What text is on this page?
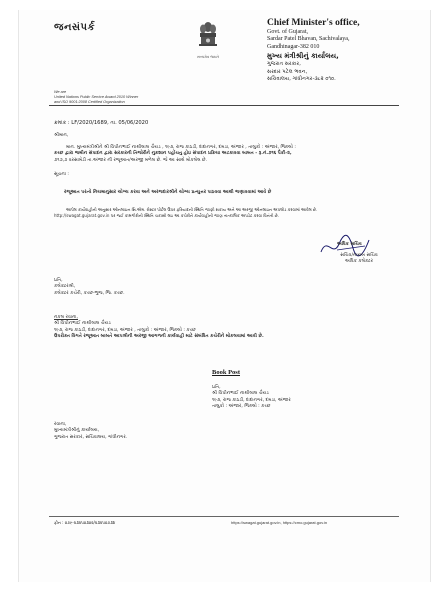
જનસંપર્ક
સત્યમેવ જયતે
We are
United Nations Public Service Award 2010 Winner
and ISO 9001:2008 Certified Organization
Chief Minister's office,
Govt. of Gujarat,
Sardar Patel Bhavan, Sachivalaya,
Gandhinagar-382 010
મુખ્ય મંત્રીશ્રીનું કાર્યાલય,
ગુજરાત સરકાર,
સરદાર પટેલ ભવન,
સચિવાલય, ગાંધીનગર-૩૮૨ ૦૧૦.
ક્રમાંક : LF/2020/1689, તા. 05/06/2020
શ્રીમાન,
માન. મુખ્યમંત્રીશ્રીને શ્રી વિપીનભાઈ નાથીલાલ ચૈયડ , ૧૯૩, રાજ કાઠડી, દાદાનગર, દમડા, અંજાર , તાલુકો : અંજાર, જિલ્લો :
કચ્છ દ્વારા જમીન સંપાદન દ્વારા સરકારની તિજોરીને નુકશાન પહોંચતુ હોઇ સંપાદન પ્રક્રિયા અટકાવવા બાબત - રૂ.નં.૭૧૬ પૈકી-૨,
૭૧૭,૭ વરસામેડી તા.અંજાર ની રજૂઆત/અરજી મળેલ છે. જે આ સાથે મોકલેલ છે.
સૂચના :
રજૂઆત પરત્વે નિયમાનુસાર યોગ્ય કરવા અને અરજદારશ્રીને યોગ્ય પ્રત્યુત્તર પાઠવવા આથી જણાવવામાં આવે છે
આપેલ કાર્યવાહીની અનુસાર ઓનલાઇન સિ.એમ. રોસ્ટર પોર્ટલ ઉપર ફરિયાદની સ્થિતિ જાણી શકાય અને આ અરજી ઓનલાઇન અપલોડ કરવામાં આવેલ છે.
http://swagat.gujarat.gov.in પર જઈ કામગીરીની સ્થિતિ ચકાસી લઇ આ કચેરીને કાર્યવાહીની જાણ તાત્કાલિક અપડેટ કરવા વિનંતી છે.
અધિક સચિવ
સચિવ/નાયબ સચિવ
અધિક કલેક્ટર
પ્રતિ,
કલેક્ટરશ્રી,
કલેક્ટર કચેરી, કચ્છ-ભુજ, જિ. કચ્છ.
નકલ રવાના,
શ્રી વિપીનભાઈ નાથીલાલ ચૈયડ
૧૯૩, રાજ કાઠડી, દાદાનગર, દમડા, અંજાર , તાલુકો : અંજાર, જિલ્લો : કચ્છ
ઉપરોક્ત વિગતે રજૂઆત બાબતે આપશ્રીની અરજી આગળની કાર્યવાહી માટે સંબંધિત કચેરીને મોકલવામાં આવી છે.
Book Post
પ્રતિ,
શ્રી વિપીનભાઈ નાથીલાલ ચૈયડ
૧૯૩, રાજ કાઠડી, દાદાનગર, દમડા, અંજાર
તાલુકો : અંજાર, જિલ્લો : કચ્છ
રવાના,
મુખ્યમંત્રીશ્રીનું કાર્યાલય,
ગુજરાત સરકાર, સચિવાલય, ગાંધીનગર.
ફોન : ૦૭૯-૨૩૨૫૦૩૦૨/૨૩૨૫૦૭૩૪	https://swagat.gujarat.gov.in, https://cmo.gujarat.gov.in
